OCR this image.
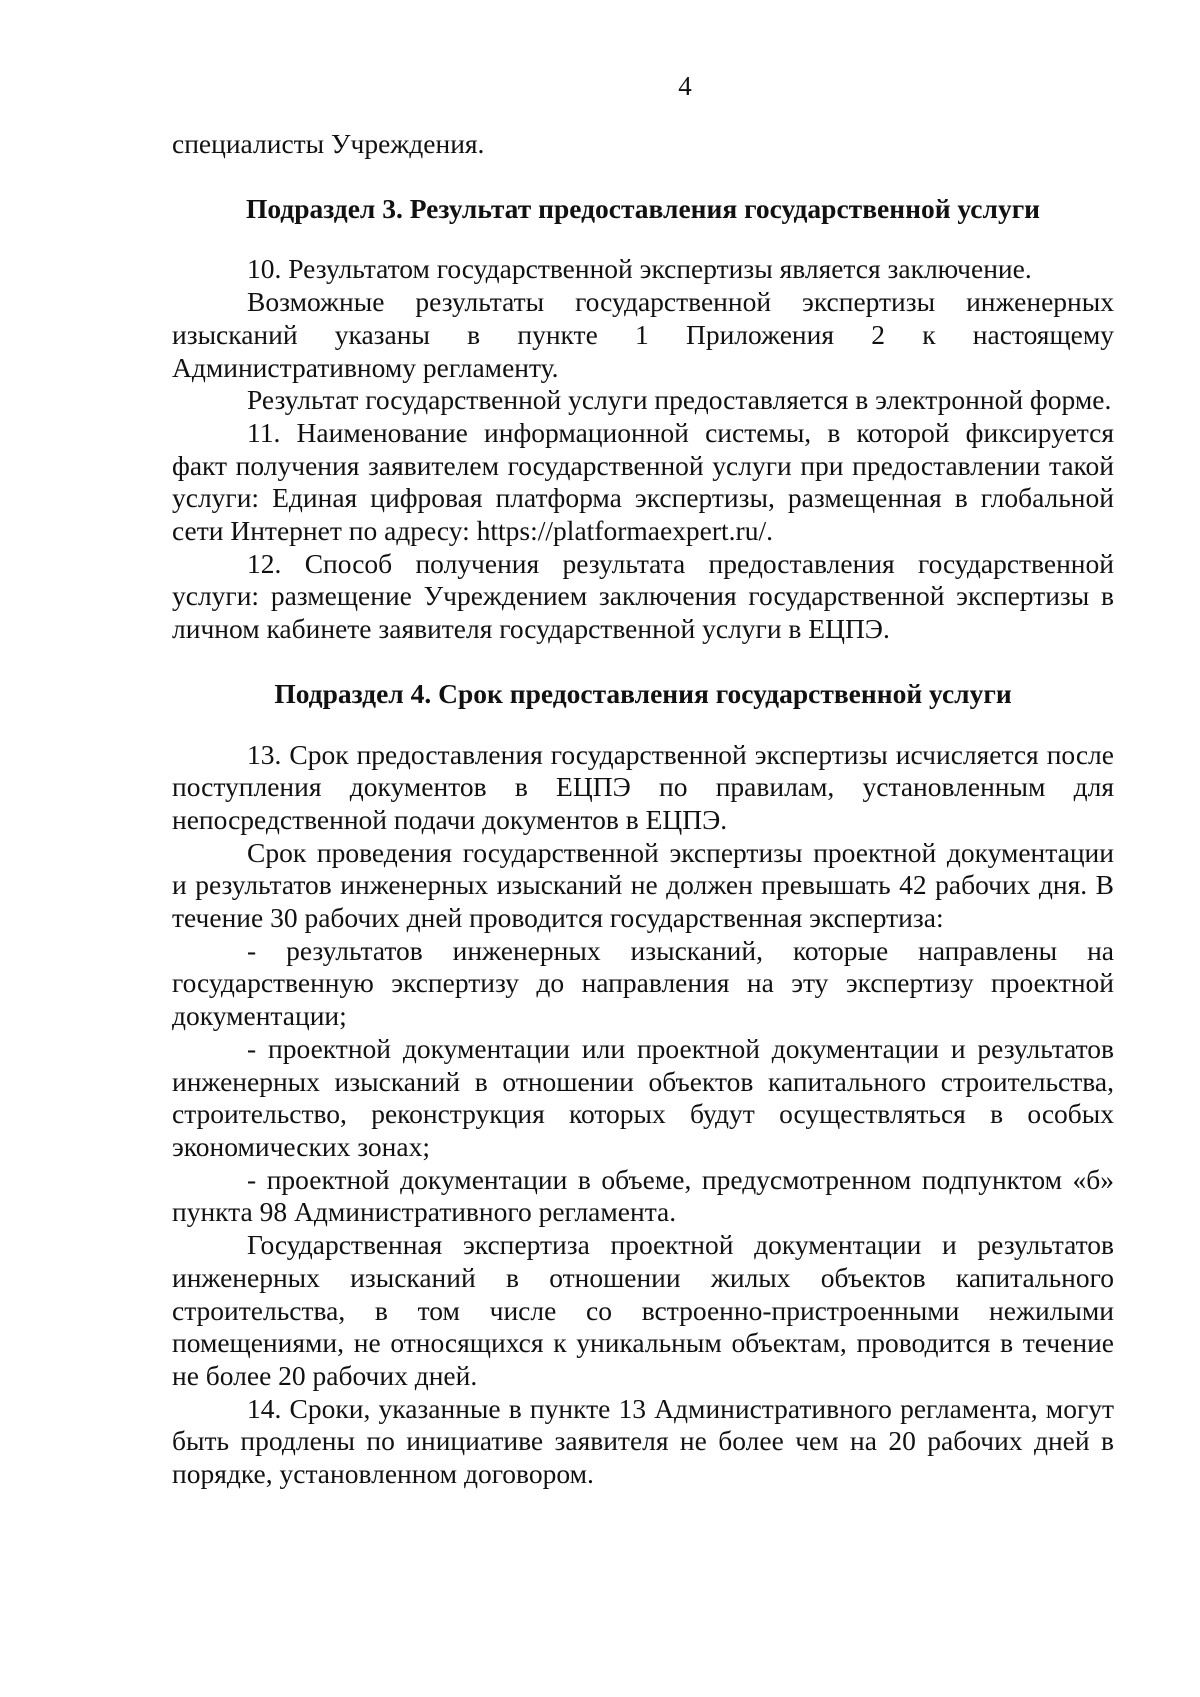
4

специалисты Учреждения.

Подраздел 3. Результат предоставления государственной услуги

10. Результатом государственной экспертизы является заключение.

Возможные результаты государственной экспертизы инженерных изысканий указаны в пункте 1 Приложения 2 к настоящему Административному регламенту.

Результат государственной услуги предоставляется в электронной форме.

11. Наименование информационной системы, в которой фиксируется факт получения заявителем государственной услуги при предоставлении такой услуги: Единая цифровая платформа экспертизы, размещенная в глобальной сети Интернет по адресу: https://platformaexpert.ru/.

12. Способ получения результата предоставления государственной услуги: размещение Учреждением заключения государственной экспертизы в личном кабинете заявителя государственной услуги в ЕЦПЭ.

Подраздел 4. Срок предоставления государственной услуги

13. Срок предоставления государственной экспертизы исчисляется после поступления документов в ЕЦПЭ по правилам, установленным для непосредственной подачи документов в ЕЦПЭ.

Срок проведения государственной экспертизы проектной документации и результатов инженерных изысканий не должен превышать 42 рабочих дня. В течение 30 рабочих дней проводится государственная экспертиза:

- результатов инженерных изысканий, которые направлены на государственную экспертизу до направления на эту экспертизу проектной документации;

- проектной документации или проектной документации и результатов инженерных изысканий в отношении объектов капитального строительства, строительство, реконструкция которых будут осуществляться в особых экономических зонах;

- проектной документации в объеме, предусмотренном подпунктом «б» пункта 98 Административного регламента.

Государственная экспертиза проектной документации и результатов инженерных изысканий в отношении жилых объектов капитального строительства, в том числе со встроенно-пристроенными нежилыми помещениями, не относящихся к уникальным объектам, проводится в течение не более 20 рабочих дней.

14. Сроки, указанные в пункте 13 Административного регламента, могут быть продлены по инициативе заявителя не более чем на 20 рабочих дней в порядке, установленном договором.
